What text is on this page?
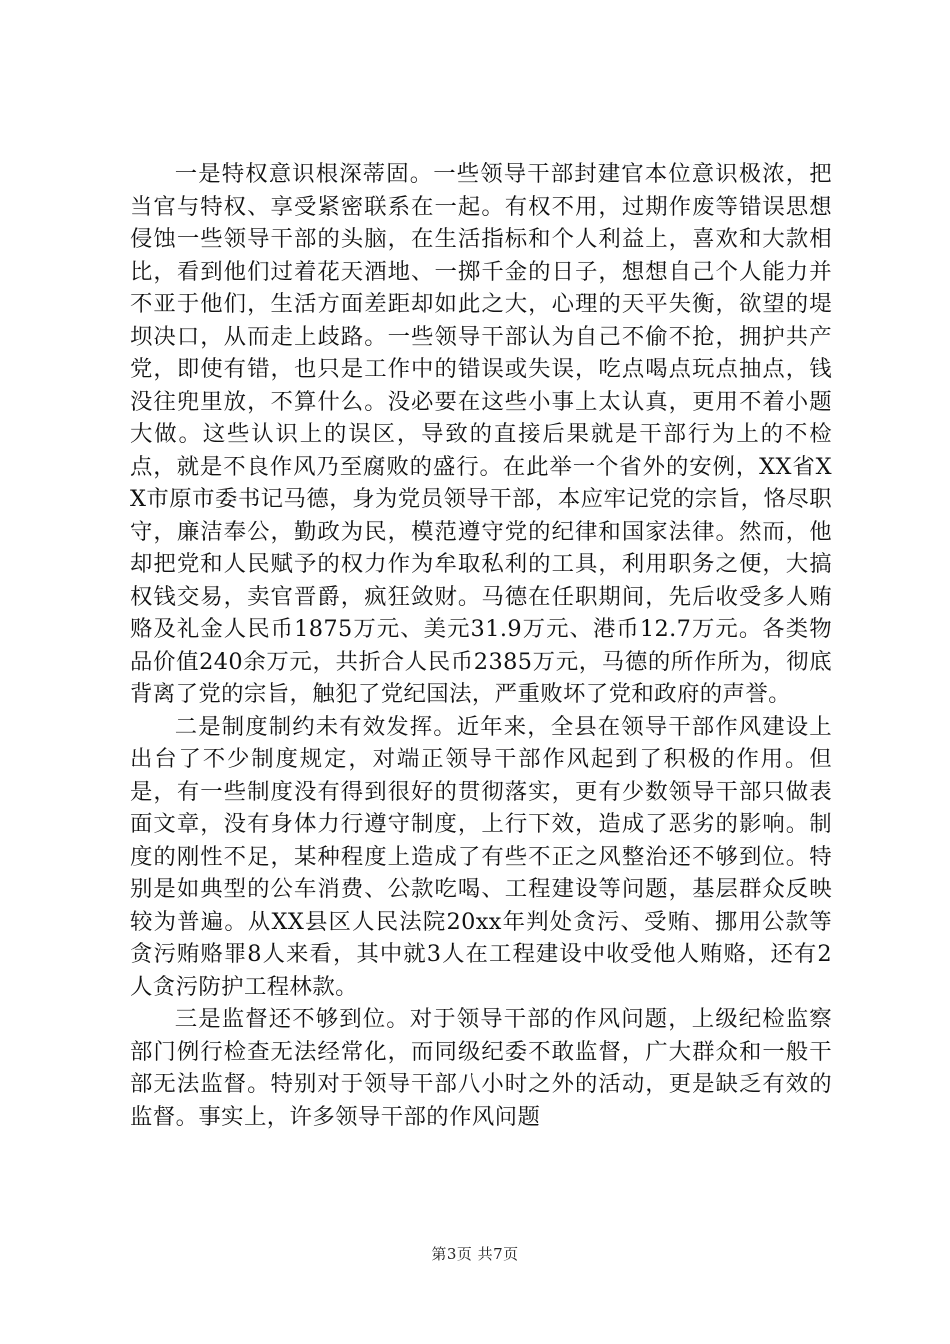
一是特权意识根深蒂固。一些领导干部封建官本位意识极浓，把当官与特权、享受紧密联系在一起。有权不用，过期作废等错误思想侵蚀一些领导干部的头脑，在生活指标和个人利益上，喜欢和大款相比，看到他们过着花天酒地、一掷千金的日子，想想自己个人能力并不亚于他们，生活方面差距却如此之大，心理的天平失衡，欲望的堤坝决口，从而走上歧路。一些领导干部认为自己不偷不抢，拥护共产党，即使有错，也只是工作中的错误或失误，吃点喝点玩点抽点，钱没往兜里放，不算什么。没必要在这些小事上太认真，更用不着小题大做。这些认识上的误区，导致的直接后果就是干部行为上的不检点，就是不良作风乃至腐败的盛行。在此举一个省外的安例，XX省XX市原市委书记马德，身为党员领导干部，本应牢记党的宗旨，恪尽职守，廉洁奉公，勤政为民，模范遵守党的纪律和国家法律。然而，他却把党和人民赋予的权力作为牟取私利的工具，利用职务之便，大搞权钱交易，卖官晋爵，疯狂敛财。马德在任职期间，先后收受多人贿赂及礼金人民币1875万元、美元31.9万元、港币12.7万元。各类物品价值240余万元，共折合人民币2385万元，马德的所作所为，彻底背离了党的宗旨，触犯了党纪国法，严重败坏了党和政府的声誉。

二是制度制约未有效发挥。近年来，全县在领导干部作风建设上出台了不少制度规定，对端正领导干部作风起到了积极的作用。但是，有一些制度没有得到很好的贯彻落实，更有少数领导干部只做表面文章，没有身体力行遵守制度，上行下效，造成了恶劣的影响。制度的刚性不足，某种程度上造成了有些不正之风整治还不够到位。特别是如典型的公车消费、公款吃喝、工程建设等问题，基层群众反映较为普遍。从XX县区人民法院20xx年判处贪污、受贿、挪用公款等贪污贿赂罪8人来看，其中就3人在工程建设中收受他人贿赂，还有2人贪污防护工程林款。

三是监督还不够到位。对于领导干部的作风问题，上级纪检监察部门例行检查无法经常化，而同级纪委不敢监督，广大群众和一般干部无法监督。特别对于领导干部八小时之外的活动，更是缺乏有效的监督。事实上，许多领导干部的作风问题

第3页 共7页
